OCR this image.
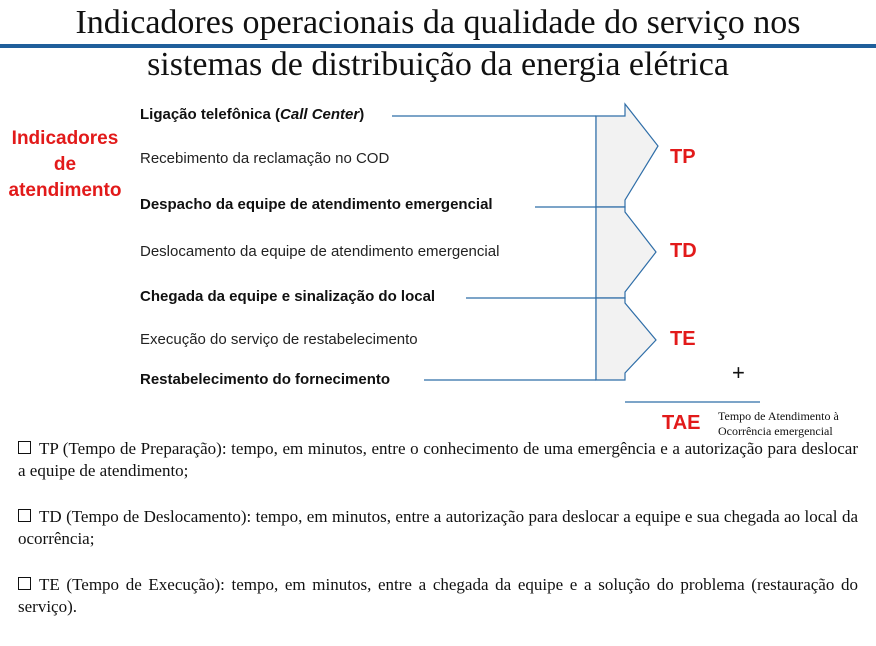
Indicadores operacionais da qualidade do serviço nos
sistemas de distribuição da energia elétrica
Indicadores
de
atendimento
Ligação telefônica (Call Center)
Recebimento da reclamação no COD
Despacho da equipe de atendimento emergencial
Deslocamento da equipe de atendimento emergencial
Chegada da equipe e sinalização do local
Execução do serviço de restabelecimento
Restabelecimento do fornecimento
TP
TD
TE
+
TAE Tempo de Atendimento à
Ocorrência emergencial
TP (Tempo de Preparação): tempo, em minutos, entre o conhecimento de uma emergência e a autorização para deslocar a equipe de atendimento;
TD (Tempo de Deslocamento): tempo, em minutos, entre a autorização para deslocar a equipe e sua chegada ao local da ocorrência;
TE (Tempo de Execução): tempo, em minutos, entre a chegada da equipe e a solução do problema (restauração do serviço).
